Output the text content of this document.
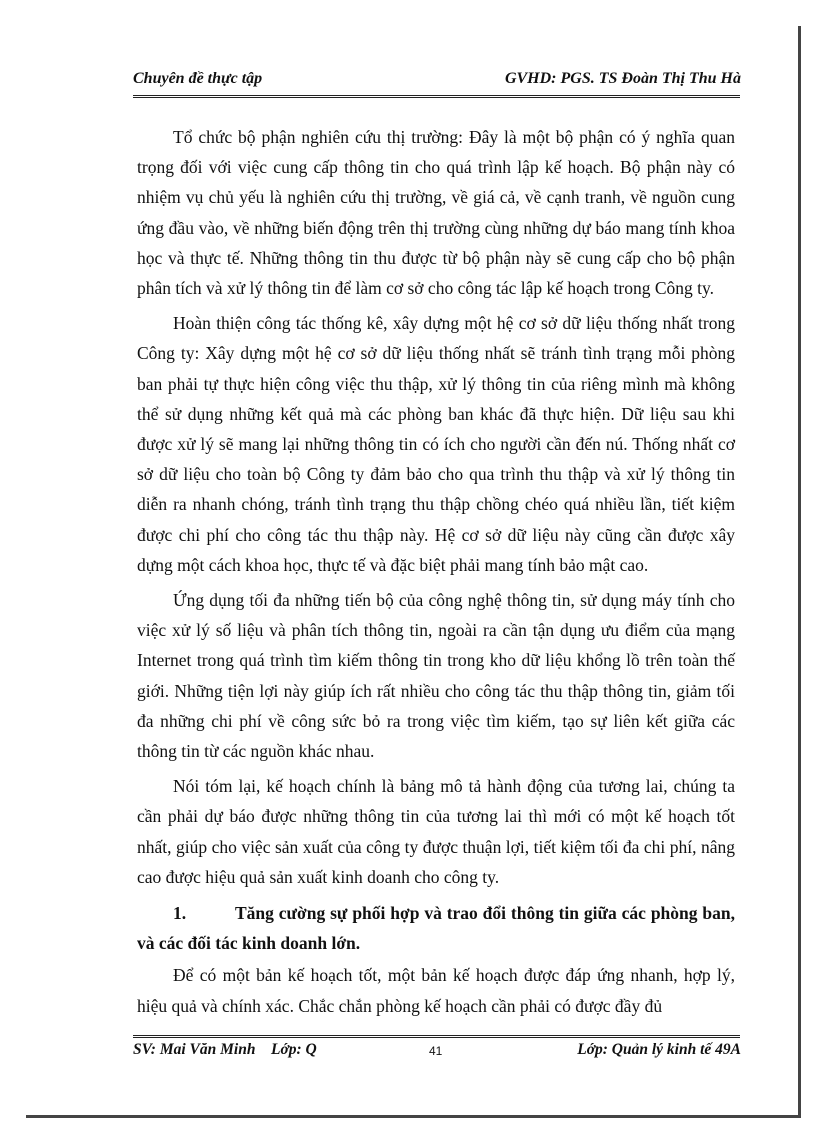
Chuyên đề thực tập	GVHD: PGS. TS Đoàn Thị Thu Hà

Tổ chức bộ phận nghiên cứu thị trường: Đây là một bộ phận có ý nghĩa quan trọng đối với việc cung cấp thông tin cho quá trình lập kế hoạch. Bộ phận này có nhiệm vụ chủ yếu là nghiên cứu thị trường, về giá cả, về cạnh tranh, về nguồn cung ứng đầu vào, về những biến động trên thị trường cùng những dự báo mang tính khoa học và thực tế. Những thông tin thu được từ bộ phận này sẽ cung cấp cho bộ phận phân tích và xử lý thông tin để làm cơ sở cho công tác lập kế hoạch trong Công ty.

Hoàn thiện công tác thống kê, xây dựng một hệ cơ sở dữ liệu thống nhất trong Công ty: Xây dựng một hệ cơ sở dữ liệu thống nhất sẽ tránh tình trạng mỗi phòng ban phải tự thực hiện công việc thu thập, xử lý thông tin của riêng mình mà không thể sử dụng những kết quả mà các phòng ban khác đã thực hiện. Dữ liệu sau khi được xử lý sẽ mang lại những thông tin có ích cho người cần đến nú. Thống nhất cơ sở dữ liệu cho toàn bộ Công ty đảm bảo cho qua trình thu thập và xử lý thông tin diễn ra nhanh chóng, tránh tình trạng thu thập chồng chéo quá nhiều lần, tiết kiệm được chi phí cho công tác thu thập này. Hệ cơ sở dữ liệu này cũng cần được xây dựng một cách khoa học, thực tế và đặc biệt phải mang tính bảo mật cao.

Ứng dụng tối đa những tiến bộ của công nghệ thông tin, sử dụng máy tính cho việc xử lý số liệu và phân tích thông tin, ngoài ra cần tận dụng ưu điểm của mạng Internet trong quá trình tìm kiếm thông tin trong kho dữ liệu khổng lồ trên toàn thế giới. Những tiện lợi này giúp ích rất nhiều cho công tác thu thập thông tin, giảm tối đa những chi phí về công sức bỏ ra trong việc tìm kiếm, tạo sự liên kết giữa các thông tin từ các nguồn khác nhau.

Nói tóm lại, kế hoạch chính là bảng mô tả hành động của tương lai, chúng ta cần phải dự báo được những thông tin của tương lai thì mới có một kế hoạch tốt nhất, giúp cho việc sản xuất của công ty được thuận lợi, tiết kiệm tối đa chi phí, nâng cao được hiệu quả sản xuất kinh doanh cho công ty.

1.	Tăng cường sự phối hợp và trao đổi thông tin giữa các phòng ban, và các đối tác kinh doanh lớn.

Để có một bản kế hoạch tốt, một bản kế hoạch được đáp ứng nhanh, hợp lý, hiệu quả và chính xác. Chắc chắn phòng kế hoạch cần phải có được đầy đủ

SV: Mai Văn Minh    Lớp: Q	41	Lớp: Quản lý kinh tế 49A
